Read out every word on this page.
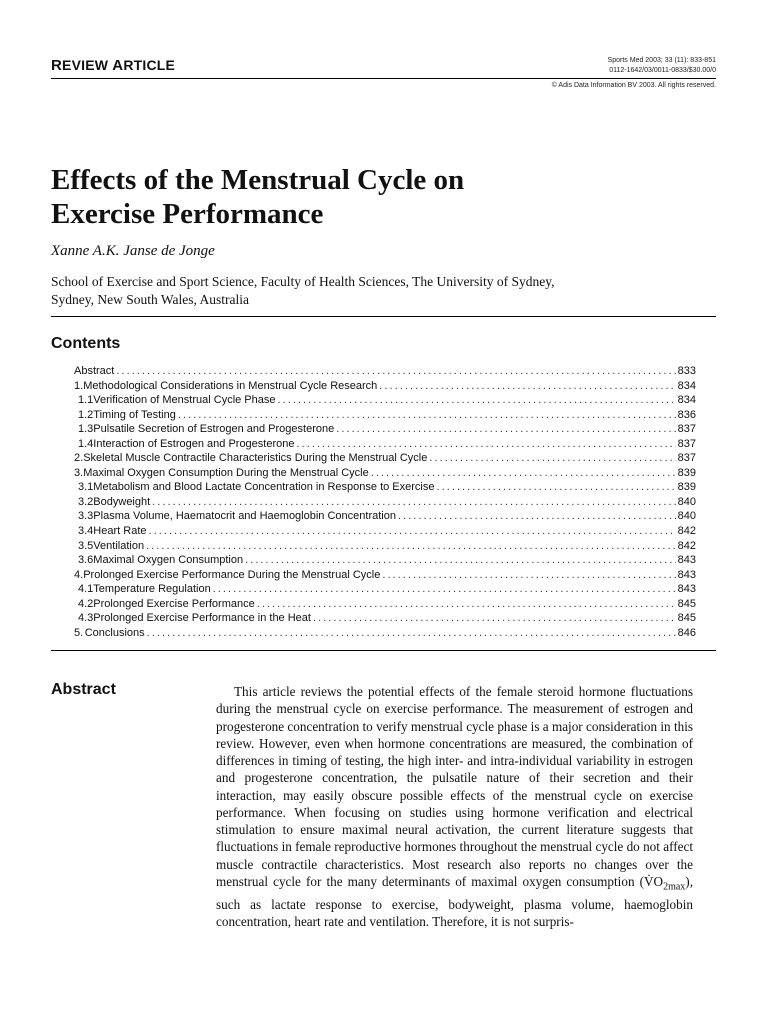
REVIEW ARTICLE	Sports Med 2003; 33 (11): 833-851
0112-1642/03/0011-0833/$30.00/0
© Adis Data Information BV 2003. All rights reserved.
Effects of the Menstrual Cycle on
Exercise Performance
Xanne A.K. Janse de Jonge
School of Exercise and Sport Science, Faculty of Health Sciences, The University of Sydney,
Sydney, New South Wales, Australia
Contents
Abstract . . .	833
1. Methodological Considerations in Menstrual Cycle Research . . .	834
1.1 Verification of Menstrual Cycle Phase . . .	834
1.2 Timing of Testing . . .	836
1.3 Pulsatile Secretion of Estrogen and Progesterone . . .	837
1.4 Interaction of Estrogen and Progesterone . . .	837
2. Skeletal Muscle Contractile Characteristics During the Menstrual Cycle . . .	837
3. Maximal Oxygen Consumption During the Menstrual Cycle . . .	839
3.1 Metabolism and Blood Lactate Concentration in Response to Exercise . . .	839
3.2 Bodyweight . . .	840
3.3 Plasma Volume, Haematocrit and Haemoglobin Concentration . . .	840
3.4 Heart Rate . . .	842
3.5 Ventilation . . .	842
3.6 Maximal Oxygen Consumption . . .	843
4. Prolonged Exercise Performance During the Menstrual Cycle . . .	843
4.1 Temperature Regulation . . .	843
4.2 Prolonged Exercise Performance . . .	845
4.3 Prolonged Exercise Performance in the Heat . . .	845
5. Conclusions . . .	846
Abstract	This article reviews the potential effects of the female steroid hormone fluctuations during the menstrual cycle on exercise performance. The measurement of estrogen and progesterone concentration to verify menstrual cycle phase is a major consideration in this review. However, even when hormone concentrations are measured, the combination of differences in timing of testing, the high inter- and intra-individual variability in estrogen and progesterone concentration, the pulsatile nature of their secretion and their interaction, may easily obscure possible effects of the menstrual cycle on exercise performance. When focusing on studies using hormone verification and electrical stimulation to ensure maximal neural activation, the current literature suggests that fluctuations in female reproductive hormones throughout the menstrual cycle do not affect muscle contractile characteristics. Most research also reports no changes over the menstrual cycle for the many determinants of maximal oxygen consumption $(V̇O_{2max})$, such as lactate response to exercise, bodyweight, plasma volume, haemoglobin concentration, heart rate and ventilation. Therefore, it is not surpris-
